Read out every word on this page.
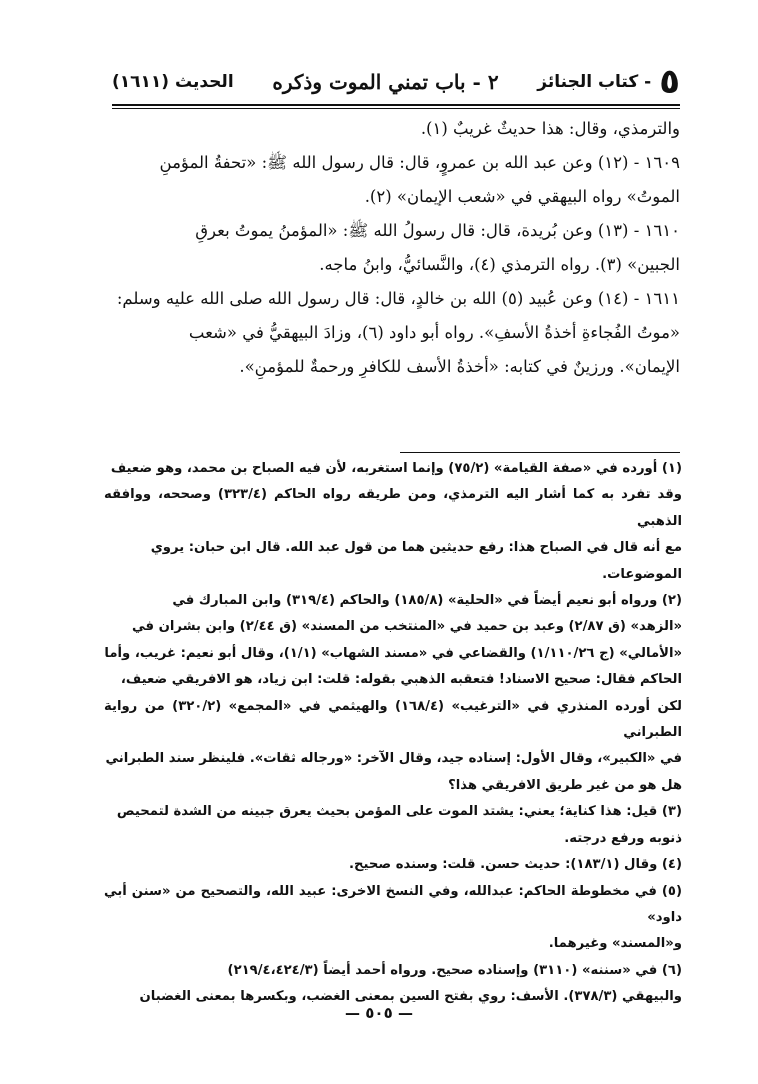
٥
- كتاب الجنائز
٢ - باب تمني الموت وذكره
الحديث (١٦١١)

والترمذي، وقال: هذا حديثٌ غريبٌ (١).

١٦٠٩ - (١٢) وعن عبد الله بن عمروٍ، قال: قال رسول الله ﷺ: «تحفةُ المؤمنِ

الموتُ» رواه البيهقي في «شعب الإيمان» (٢).

١٦١٠ - (١٣) وعن بُريدة، قال: قال رسولُ الله ﷺ: «المؤمنُ يموتُ بعرقِ

الجبين» (٣). رواه الترمذي (٤)، والنَّسائيُّ، وابنُ ماجه.

١٦١١ - (١٤) وعن عُبيد (٥) الله بن خالدٍ، قال: قال رسول الله صلى الله عليه وسلم:

«موتُ الفُجاءةِ أخذةُ الأسفِ». رواه أبو داود (٦)، وزادَ البيهقيُّ في «شعب

الإيمان». ورزينٌ في كتابه: «أخذةُ الأسف للكافرِ ورحمةٌ للمؤمنِ».

(١) أورده في «صفة القيامة» (٧٥/٢) وإنما استغربه، لأن فيه الصباح بن محمد، وهو ضعيف

وقد تفرد به كما أشار اليه الترمذي، ومن طريقه رواه الحاكم (٣٢٣/٤) وصححه، ووافقه الذهبي

مع أنه قال في الصباح هذا: رفع حديثين هما من قول عبد الله. قال ابن حبان: يروي

الموضوعات.

(٢) ورواه أبو نعيم أيضاً في «الحلية» (١٨٥/٨) والحاكم (٣١٩/٤) وابن المبارك في

«الزهد» (ق ٢/٨٧) وعبد بن حميد في «المنتخب من المسند» (ق ٢/٤٤) وابن بشران في

«الأمالي» (ج ١/١١٠/٢٦) والقضاعي في «مسند الشهاب» (١/١)، وقال أبو نعيم: غريب، وأما

الحاكم فقال: صحيح الاسناد! فتعقبه الذهبي بقوله: قلت: ابن زياد، هو الافريقي ضعيف،

لكن أورده المنذري في «الترغيب» (١٦٨/٤) والهيثمي في «المجمع» (٣٢٠/٢) من رواية الطبراني

في «الكبير»، وقال الأول: إسناده جيد، وقال الآخر: «ورجاله ثقات». فلينظر سند الطبراني

هل هو من غير طريق الافريقي هذا؟

(٣) قيل: هذا كناية؛ يعني: يشتد الموت على المؤمن بحيث يعرق جبينه من الشدة لتمحيص

ذنوبه ورفع درجته.

(٤) وقال (١٨٣/١): حديث حسن. قلت: وسنده صحيح.

(٥) في مخطوطة الحاكم: عبدالله، وفي النسخ الاخرى: عبيد الله، والتصحيح من «سنن أبي داود»

و«المسند» وغيرهما.

(٦) في «سننه» (٣١١٠) وإسناده صحيح. ورواه أحمد أيضاً (٢١٩/٤،٤٢٤/٣)

والبيهقي (٣٧٨/٣). الأسف: روي بفتح السين بمعنى الغضب، وبكسرها بمعنى الغضبان

— ٥٠٥ —
